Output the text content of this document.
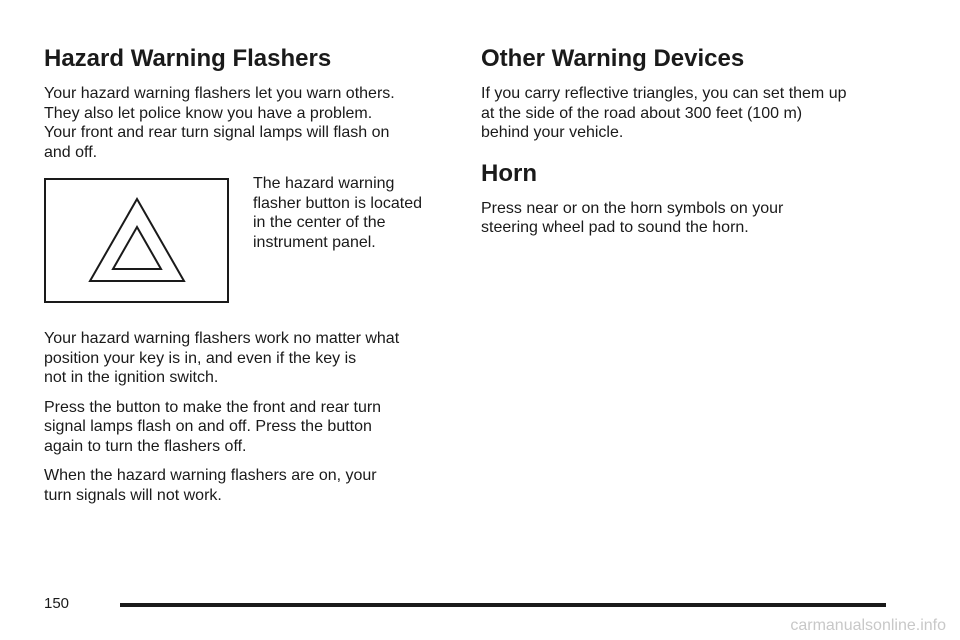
Hazard Warning Flashers

Your hazard warning flashers let you warn others.
They also let police know you have a problem.
Your front and rear turn signal lamps will flash on
and off.

The hazard warning
flasher button is located
in the center of the
instrument panel.

Your hazard warning flashers work no matter what
position your key is in, and even if the key is
not in the ignition switch.

Press the button to make the front and rear turn
signal lamps flash on and off. Press the button
again to turn the flashers off.

When the hazard warning flashers are on, your
turn signals will not work.

Other Warning Devices

If you carry reflective triangles, you can set them up
at the side of the road about 300 feet (100 m)
behind your vehicle.

Horn

Press near or on the horn symbols on your
steering wheel pad to sound the horn.

150

carmanualsonline.info
